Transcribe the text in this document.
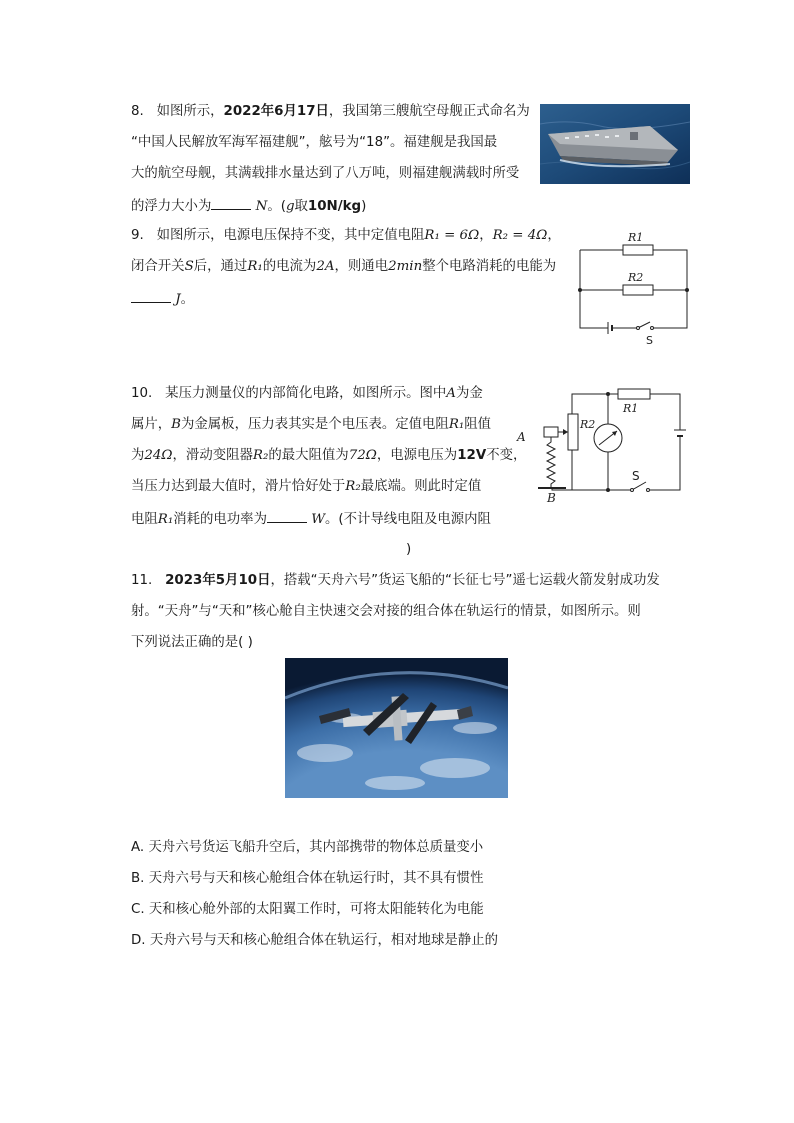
8. 如图所示，2022年6月17日，我国第三艘航空母舰正式命名为
“中国人民解放军海军福建舰”，舷号为“18”。福建舰是我国最
大的航空母舰，其满载排水量达到了八万吨，则福建舰满载时所受
的浮力大小为	N。(g取10N/kg)
9. 如图所示，电源电压保持不变，其中定值电阻R₁ = 6Ω，R₂ = 4Ω，
闭合开关S后，通过R₁的电流为2A，则通电2min整个电路消耗的电能为
J。
R1
R2
S
10. 某压力测量仪的内部简化电路，如图所示。图中A为金
属片，B为金属板，压力表其实是个电压表。定值电阻R₁阻值
为24Ω，滑动变阻器R₂的最大阻值为72Ω，电源电压为12V不变，
当压力达到最大值时，滑片恰好处于R₂最底端。则此时定值
电阻R₁消耗的电功率为	W。(不计导线电阻及电源内阻
)
A
B
R1
R2
S
11. 2023年5月10日，搭载“天舟六号”货运飞船的“长征七号”遥七运载火箭发射成功发
射。“天舟”与“天和”核心舱自主快速交会对接的组合体在轨运行的情景，如图所示。则
下列说法正确的是( )
A. 天舟六号货运飞船升空后，其内部携带的物体总质量变小
B. 天舟六号与天和核心舱组合体在轨运行时，其不具有惯性
C. 天和核心舱外部的太阳翼工作时，可将太阳能转化为电能
D. 天舟六号与天和核心舱组合体在轨运行，相对地球是静止的
